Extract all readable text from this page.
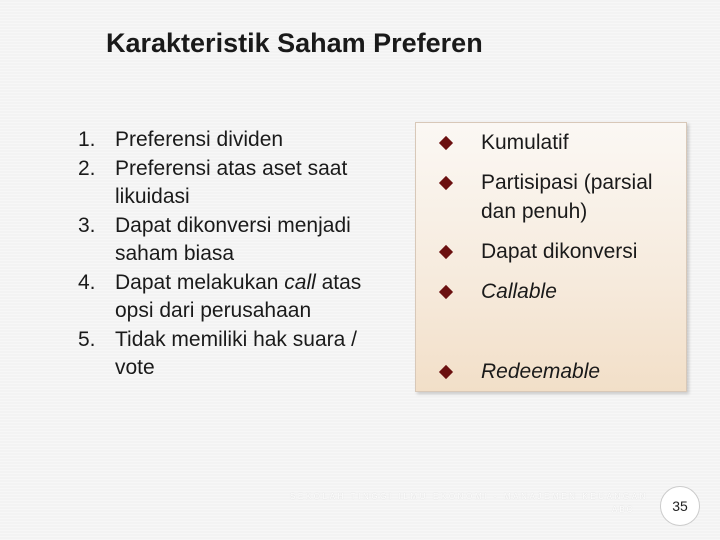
Karakteristik Saham Preferen
1. Preferensi dividen
2. Preferensi atas aset saat likuidasi
3. Dapat dikonversi menjadi saham biasa
4. Dapat melakukan call atas opsi dari perusahaan
5. Tidak memiliki hak suara / vote
Kumulatif
Partisipasi (parsial dan penuh)
Dapat dikonversi
Callable
Redeemable
SEKOLAH TINGGI ILMU EKONOMI - MANAJEMEN KEUANGAN
ABC	35
